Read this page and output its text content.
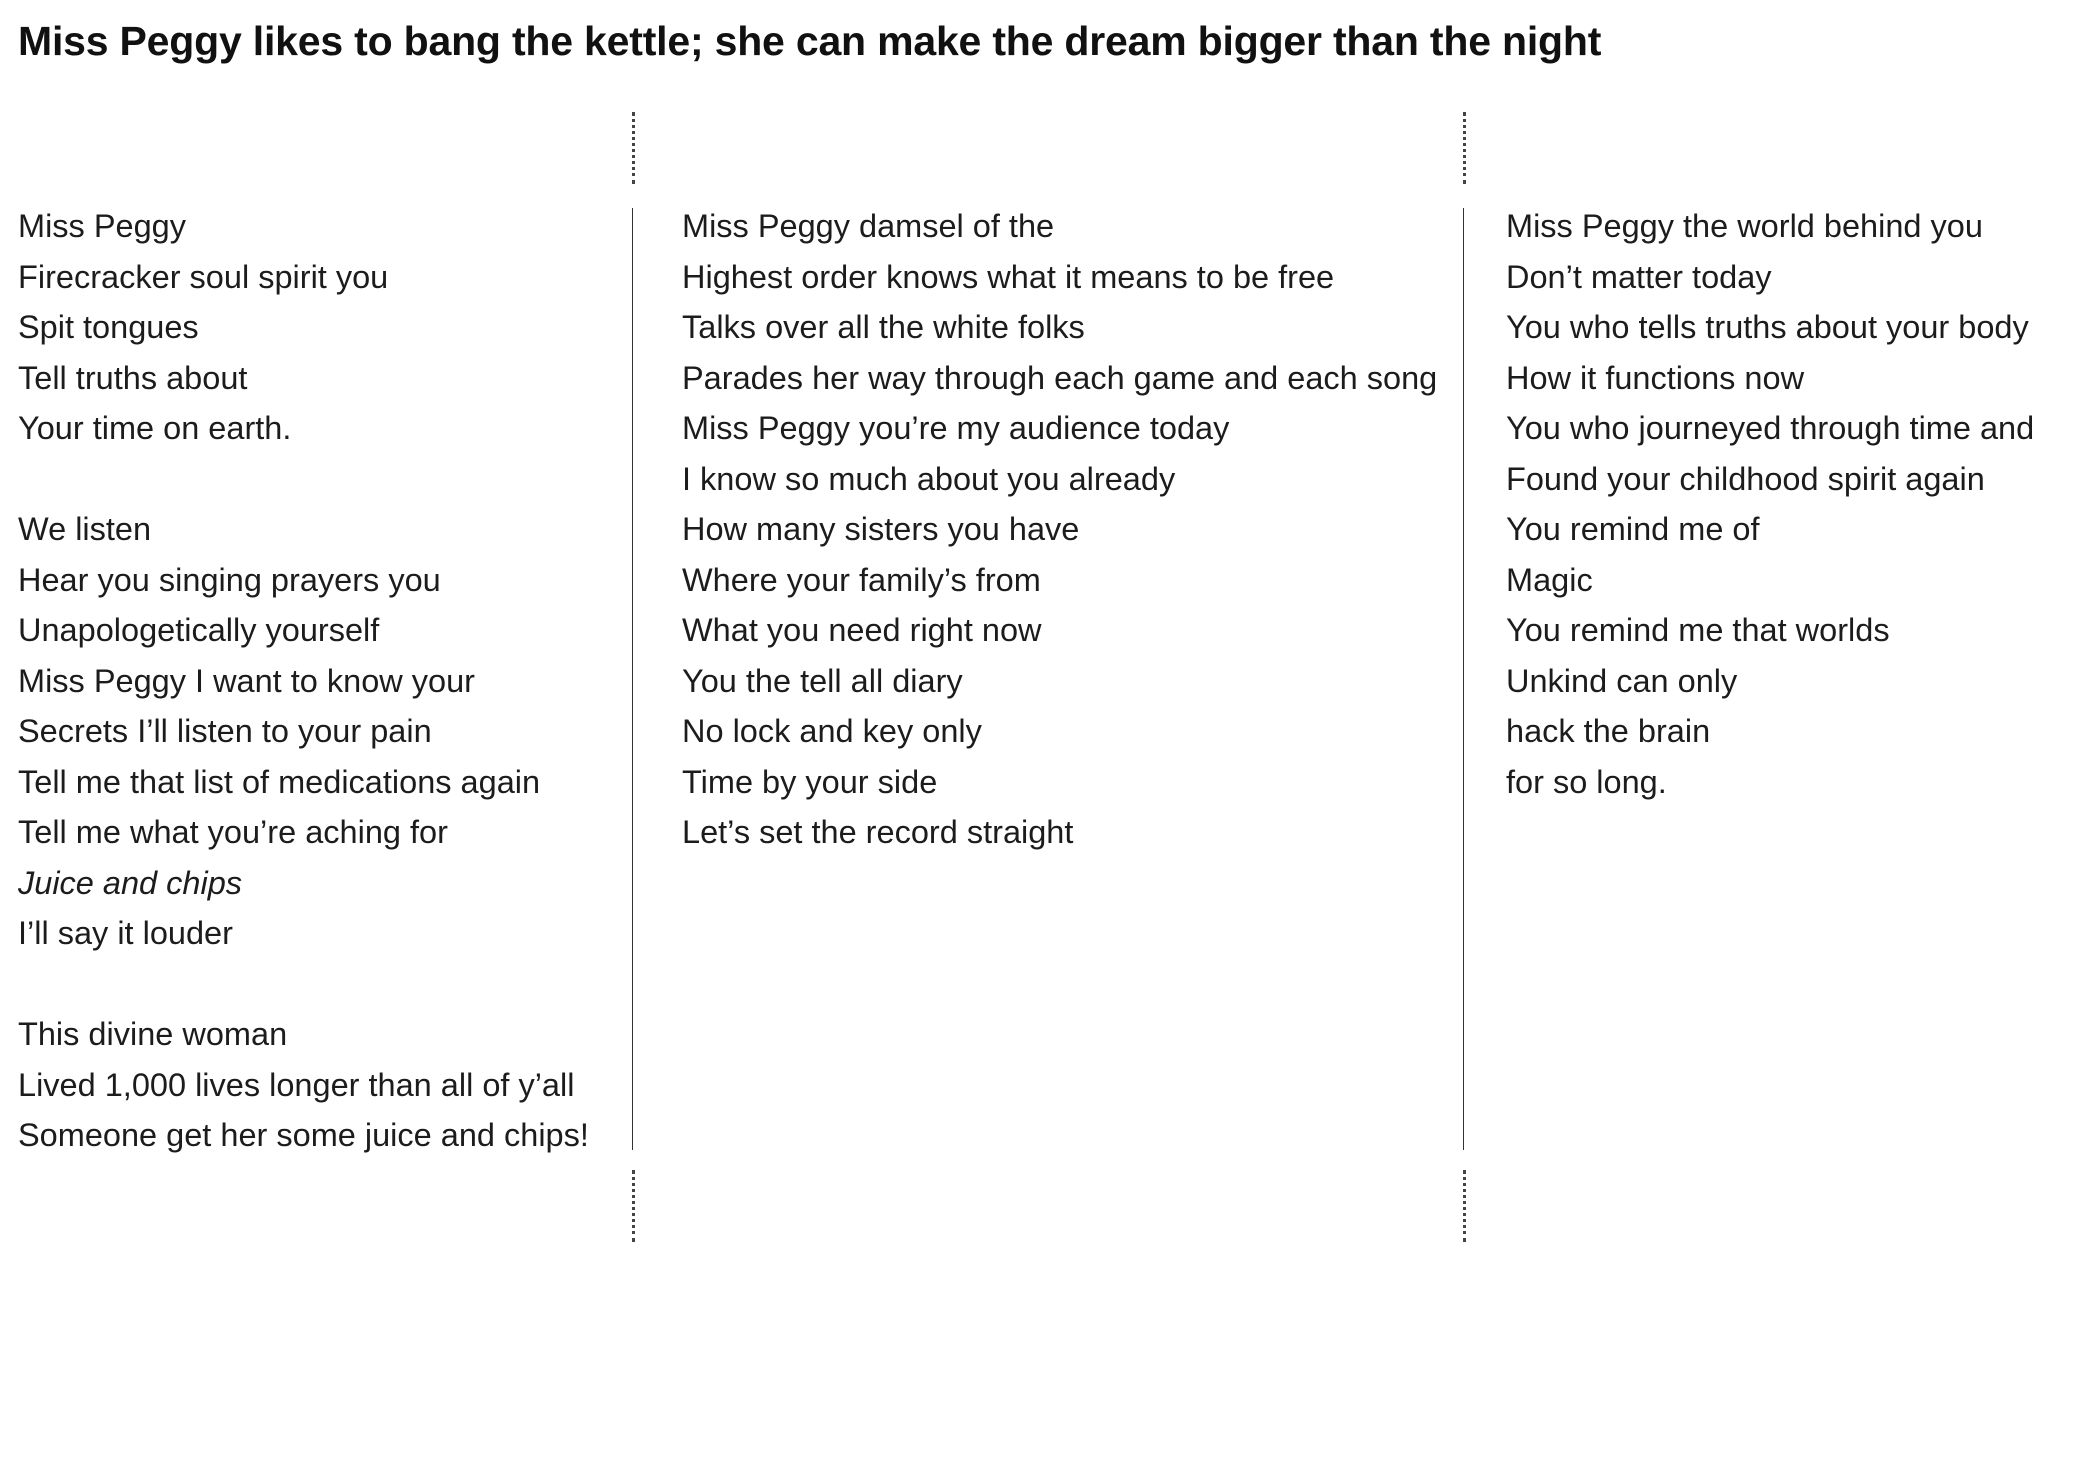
Miss Peggy likes to bang the kettle; she can make the dream bigger than the night
Miss Peggy
Firecracker soul spirit you
Spit tongues
Tell truths about
Your time on earth.
We listen
Hear you singing prayers you
Unapologetically yourself
Miss Peggy I want to know your
Secrets I’ll listen to your pain
Tell me that list of medications again
Tell me what you’re aching for
Juice and chips
I’ll say it louder
This divine woman
Lived 1,000 lives longer than all of y’all
Someone get her some juice and chips!
Miss Peggy damsel of the
Highest order knows what it means to be free
Talks over all the white folks
Parades her way through each game and each song
Miss Peggy you’re my audience today
I know so much about you already
How many sisters you have
Where your family’s from
What you need right now
You the tell all diary
No lock and key only
Time by your side
Let’s set the record straight
Miss Peggy the world behind you
Don’t matter today
You who tells truths about your body
How it functions now
You who journeyed through time and
Found your childhood spirit again
You remind me of
Magic
You remind me that worlds
Unkind can only
hack the brain
for so long.
